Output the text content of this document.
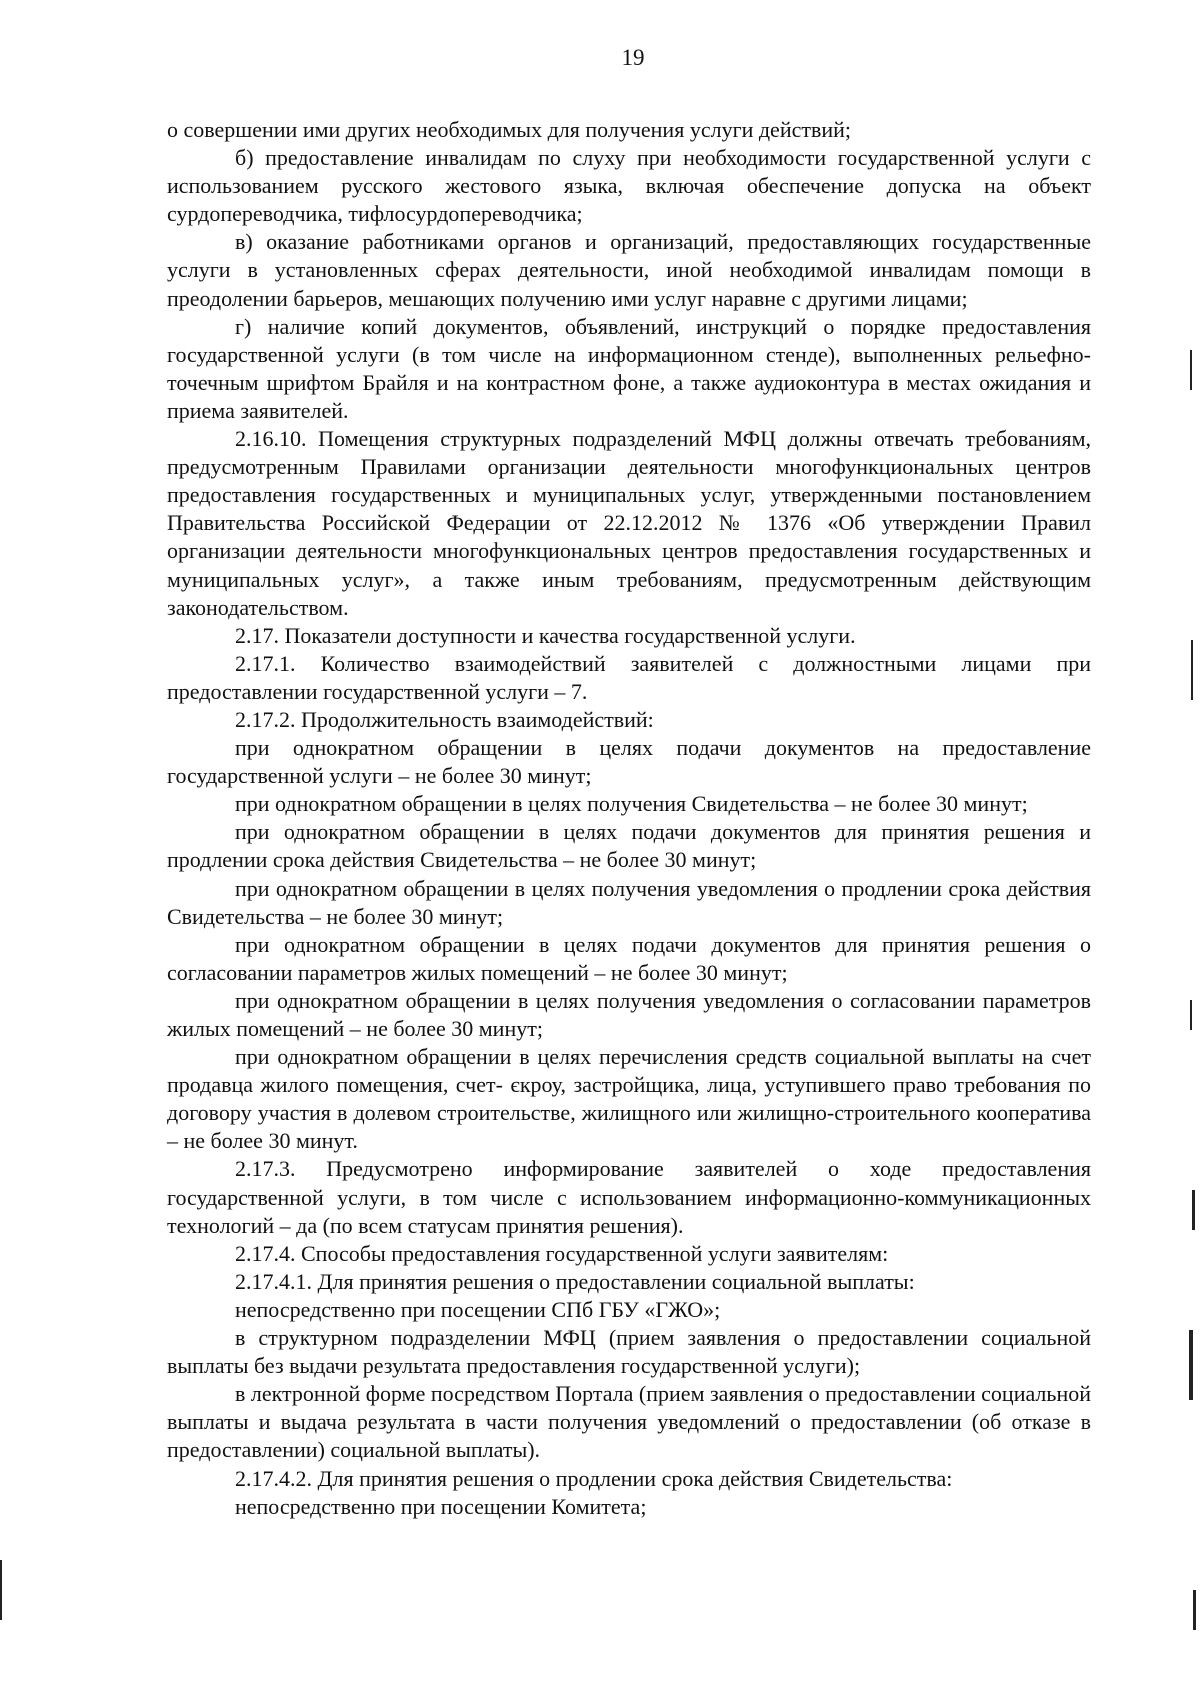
19

о совершении ими других необходимых для получения услуги действий;

б) предоставление инвалидам по слуху при необходимости государственной услуги с использованием русского жестового языка, включая обеспечение допуска на объект сурдопереводчика, тифлосурдопереводчика;

в) оказание работниками органов и организаций, предоставляющих государственные услуги в установленных сферах деятельности, иной необходимой инвалидам помощи в преодолении барьеров, мешающих получению ими услуг наравне с другими лицами;

г) наличие копий документов, объявлений, инструкций о порядке предоставления государственной услуги (в том числе на информационном стенде), выполненных рельефно-точечным шрифтом Брайля и на контрастном фоне, а также аудиоконтура в местах ожидания и приема заявителей.

2.16.10. Помещения структурных подразделений МФЦ должны отвечать требованиям, предусмотренным Правилами организации деятельности многофункциональных центров предоставления государственных и муниципальных услуг, утвержденными постановлением Правительства Российской Федерации от 22.12.2012 № 1376 «Об утверждении Правил организации деятельности многофункциональных центров предоставления государственных и муниципальных услуг», а также иным требованиям, предусмотренным действующим законодательством.

2.17. Показатели доступности и качества государственной услуги.

2.17.1. Количество взаимодействий заявителей с должностными лицами при предоставлении государственной услуги – 7.

2.17.2. Продолжительность взаимодействий:

при однократном обращении в целях подачи документов на предоставление государственной услуги – не более 30 минут;

при однократном обращении в целях получения Свидетельства – не более 30 минут;

при однократном обращении в целях подачи документов для принятия решения и продлении срока действия Свидетельства – не более 30 минут;

при однократном обращении в целях получения уведомления о продлении срока действия Свидетельства – не более 30 минут;

при однократном обращении в целях подачи документов для принятия решения о согласовании параметров жилых помещений – не более 30 минут;

при однократном обращении в целях получения уведомления о согласовании параметров жилых помещений – не более 30 минут;

при однократном обращении в целях перечисления средств социальной выплаты на счет продавца жилого помещения, счет- єкроу, застройщика, лица, уступившего право требования по договору участия в долевом строительстве, жилищного или жилищно-строительного кооператива – не более 30 минут.

2.17.3. Предусмотрено информирование заявителей о ходе предоставления государственной услуги, в том числе с использованием информационно-коммуникационных технологий – да (по всем статусам принятия решения).

2.17.4. Способы предоставления государственной услуги заявителям:

2.17.4.1. Для принятия решения о предоставлении социальной выплаты:

непосредственно при посещении СПб ГБУ «ГЖО»;

в структурном подразделении МФЦ (прием заявления о предоставлении социальной выплаты без выдачи результата предоставления государственной услуги);

в лектронной форме посредством Портала (прием заявления о предоставлении социальной выплаты и выдача результата в части получения уведомлений о предоставлении (об отказе в предоставлении) социальной выплаты).

2.17.4.2. Для принятия решения о продлении срока действия Свидетельства:

непосредственно при посещении Комитета;
